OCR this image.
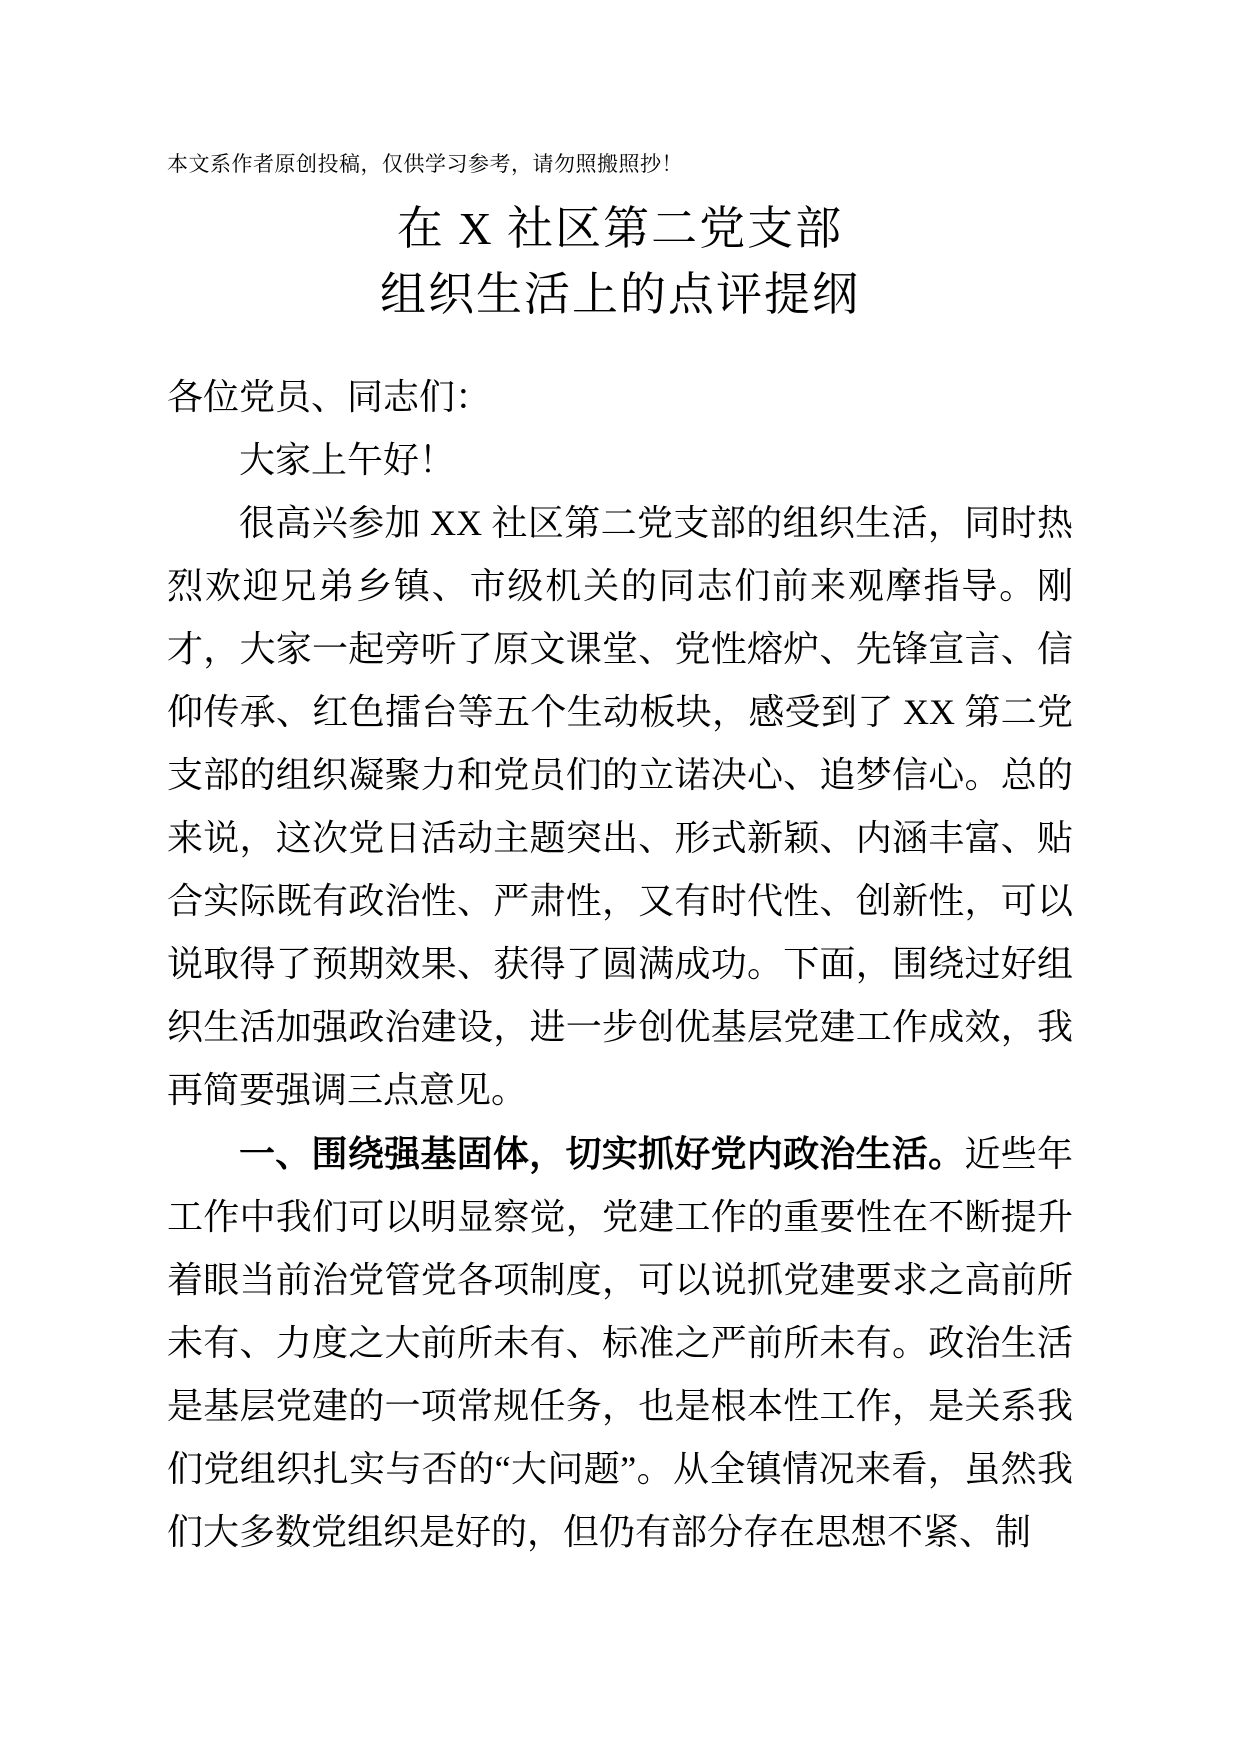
本文系作者原创投稿，仅供学习参考，请勿照搬照抄！
在 X 社区第二党支部
组织生活上的点评提纲

各位党员、同志们：

大家上午好！

很高兴参加 XX 社区第二党支部的组织生活，同时热烈欢迎兄弟乡镇、市级机关的同志们前来观摩指导。刚才，大家一起旁听了原文课堂、党性熔炉、先锋宣言、信仰传承、红色擂台等五个生动板块，感受到了 XX 第二党支部的组织凝聚力和党员们的立诺决心、追梦信心。总的来说，这次党日活动主题突出、形式新颖、内涵丰富、贴合实际既有政治性、严肃性，又有时代性、创新性，可以说取得了预期效果、获得了圆满成功。下面，围绕过好组织生活加强政治建设，进一步创优基层党建工作成效，我再简要强调三点意见。

一、围绕强基固体，切实抓好党内政治生活。近些年工作中我们可以明显察觉，党建工作的重要性在不断提升着眼当前治党管党各项制度，可以说抓党建要求之高前所未有、力度之大前所未有、标准之严前所未有。政治生活是基层党建的一项常规任务，也是根本性工作，是关系我们党组织扎实与否的“大问题”。从全镇情况来看，虽然我们大多数党组织是好的，但仍有部分存在思想不紧、制
